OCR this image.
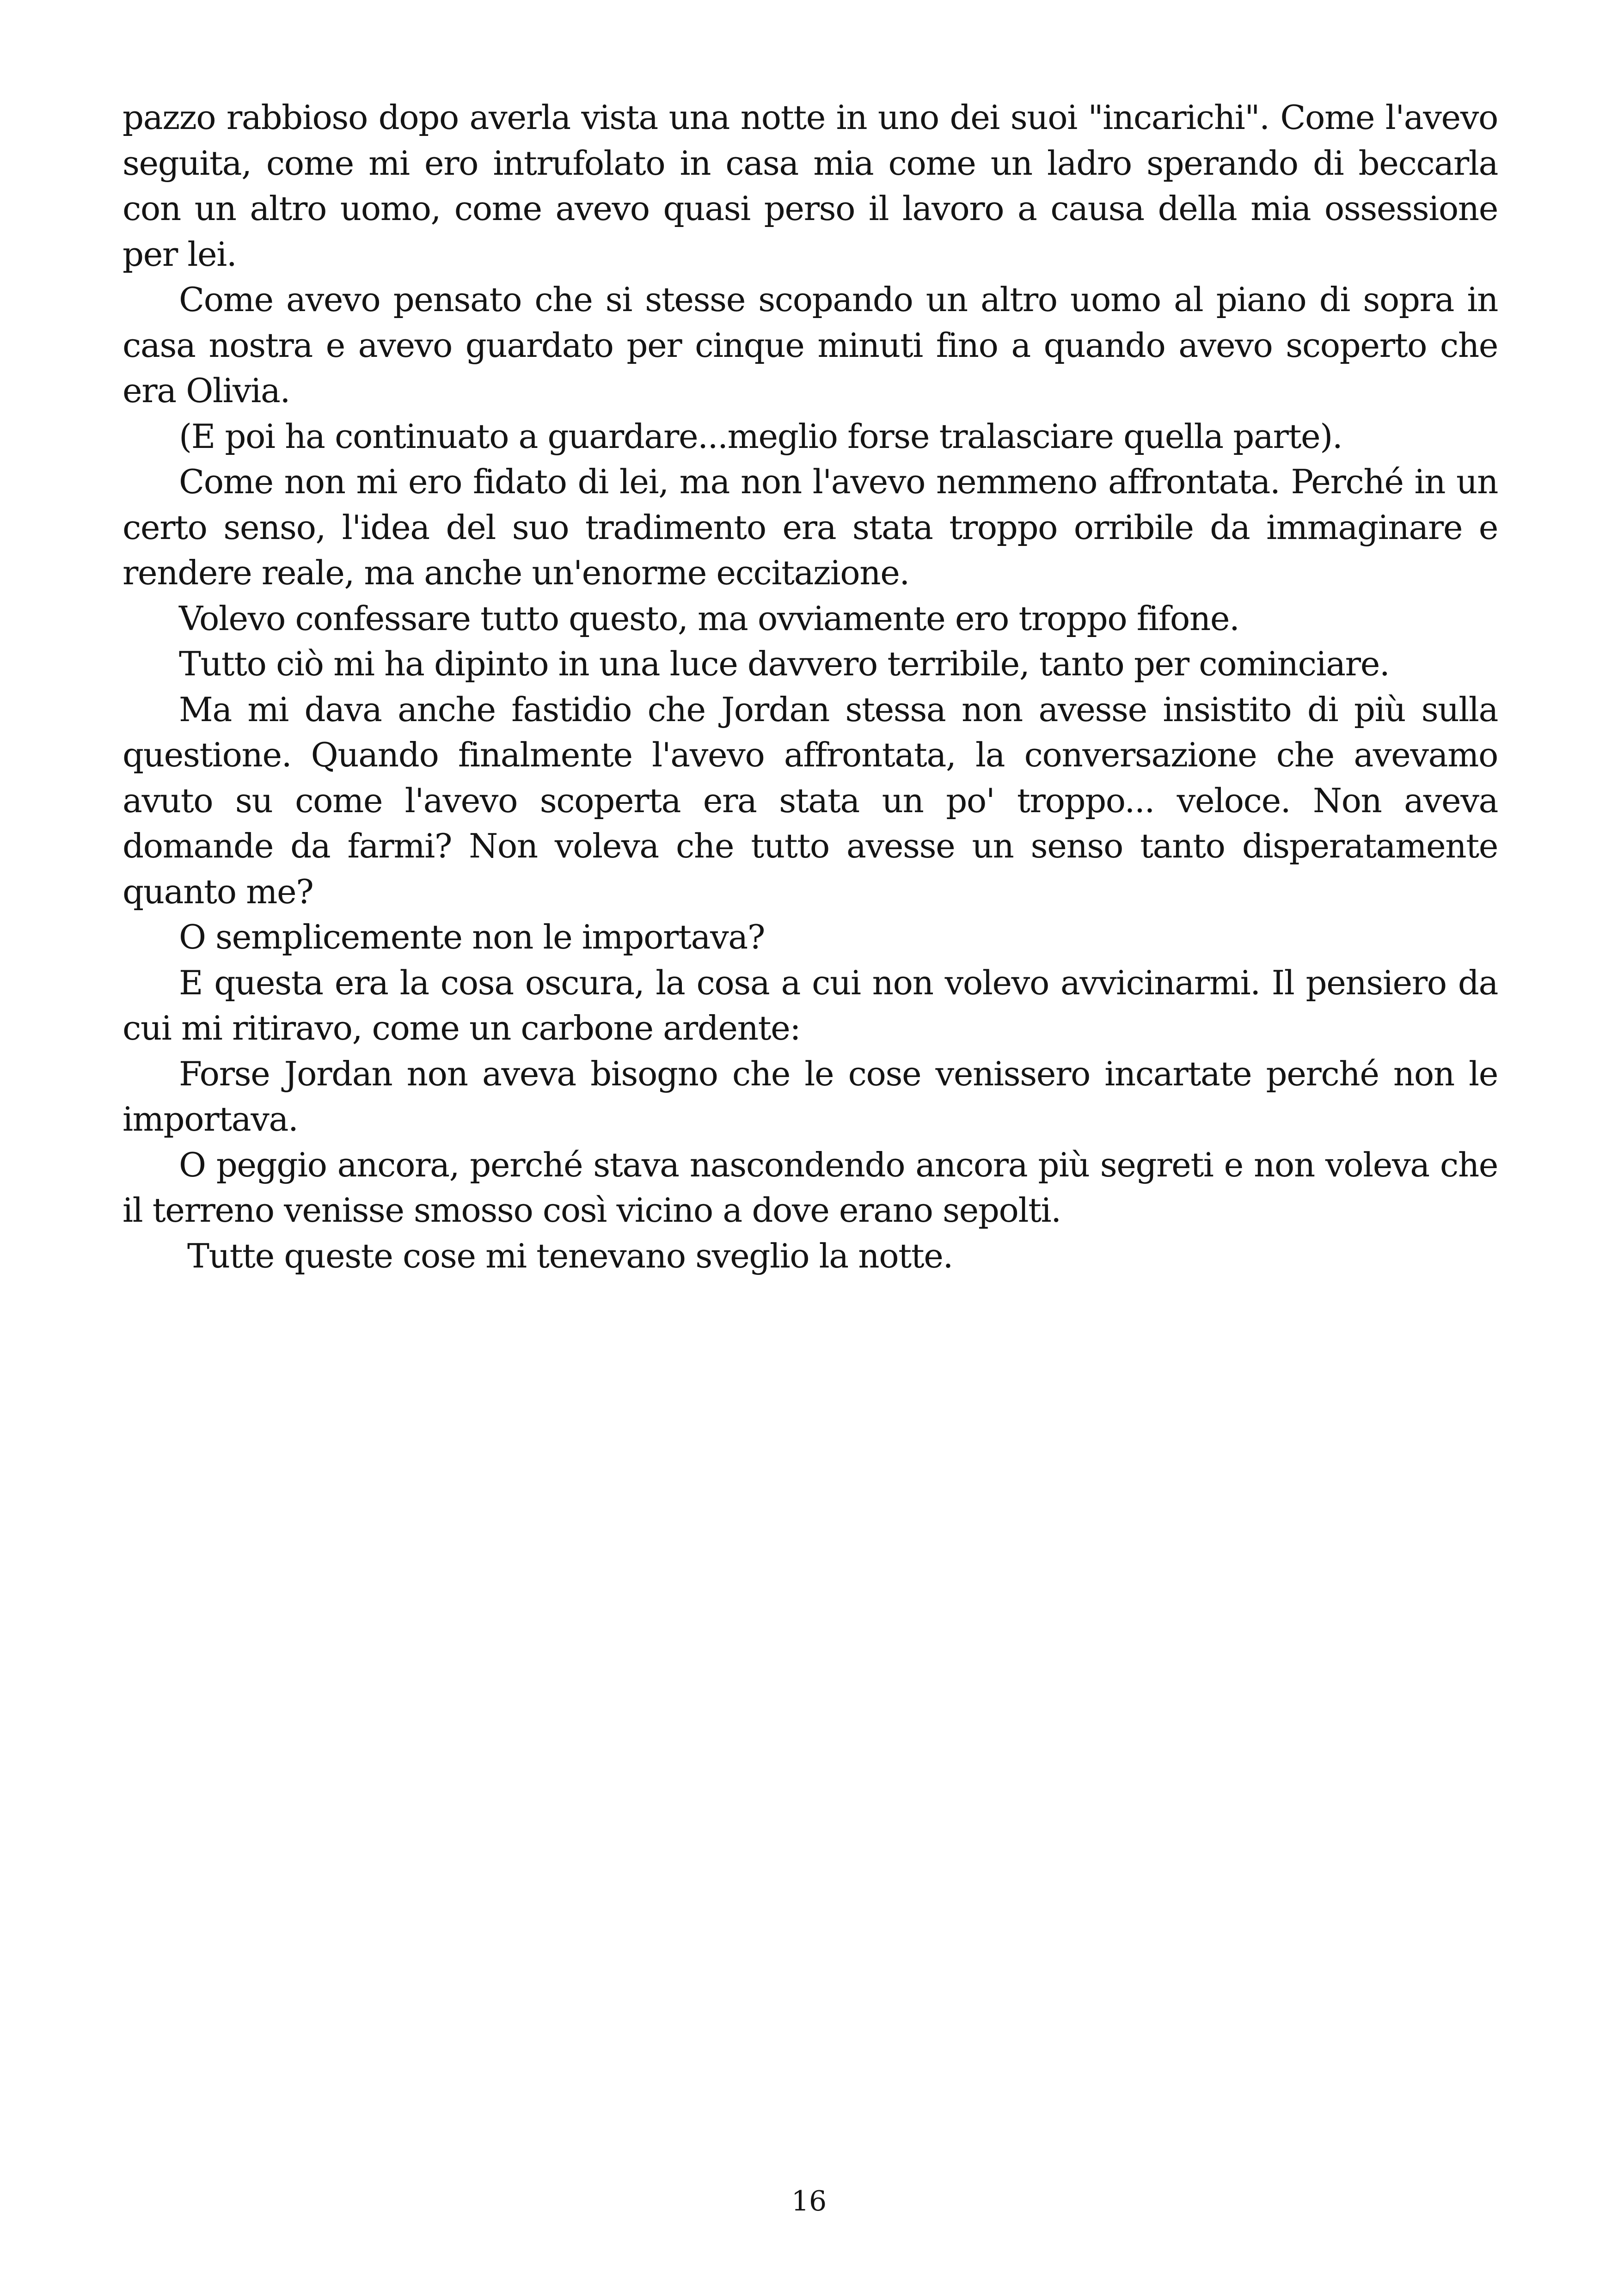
pazzo rabbioso dopo averla vista una notte in uno dei suoi "incarichi". Come l'avevo seguita, come mi ero intrufolato in casa mia come un ladro sperando di beccarla con un altro uomo, come avevo quasi perso il lavoro a causa della mia ossessione per lei.

Come avevo pensato che si stesse scopando un altro uomo al piano di sopra in casa nostra e avevo guardato per cinque minuti fino a quando avevo scoperto che era Olivia.

(E poi ha continuato a guardare...meglio forse tralasciare quella parte).

Come non mi ero fidato di lei, ma non l'avevo nemmeno affrontata. Perché in un certo senso, l'idea del suo tradimento era stata troppo orribile da immaginare e rendere reale, ma anche un'enorme eccitazione.

Volevo confessare tutto questo, ma ovviamente ero troppo fifone.

Tutto ciò mi ha dipinto in una luce davvero terribile, tanto per cominciare.

Ma mi dava anche fastidio che Jordan stessa non avesse insistito di più sulla questione. Quando finalmente l'avevo affrontata, la conversazione che avevamo avuto su come l'avevo scoperta era stata un po' troppo... veloce. Non aveva domande da farmi? Non voleva che tutto avesse un senso tanto disperatamente quanto me?

O semplicemente non le importava?

E questa era la cosa oscura, la cosa a cui non volevo avvicinarmi. Il pensiero da cui mi ritiravo, come un carbone ardente:

Forse Jordan non aveva bisogno che le cose venissero incartate perché non le importava.

O peggio ancora, perché stava nascondendo ancora più segreti e non voleva che il terreno venisse smosso così vicino a dove erano sepolti.

Tutte queste cose mi tenevano sveglio la notte.

16
